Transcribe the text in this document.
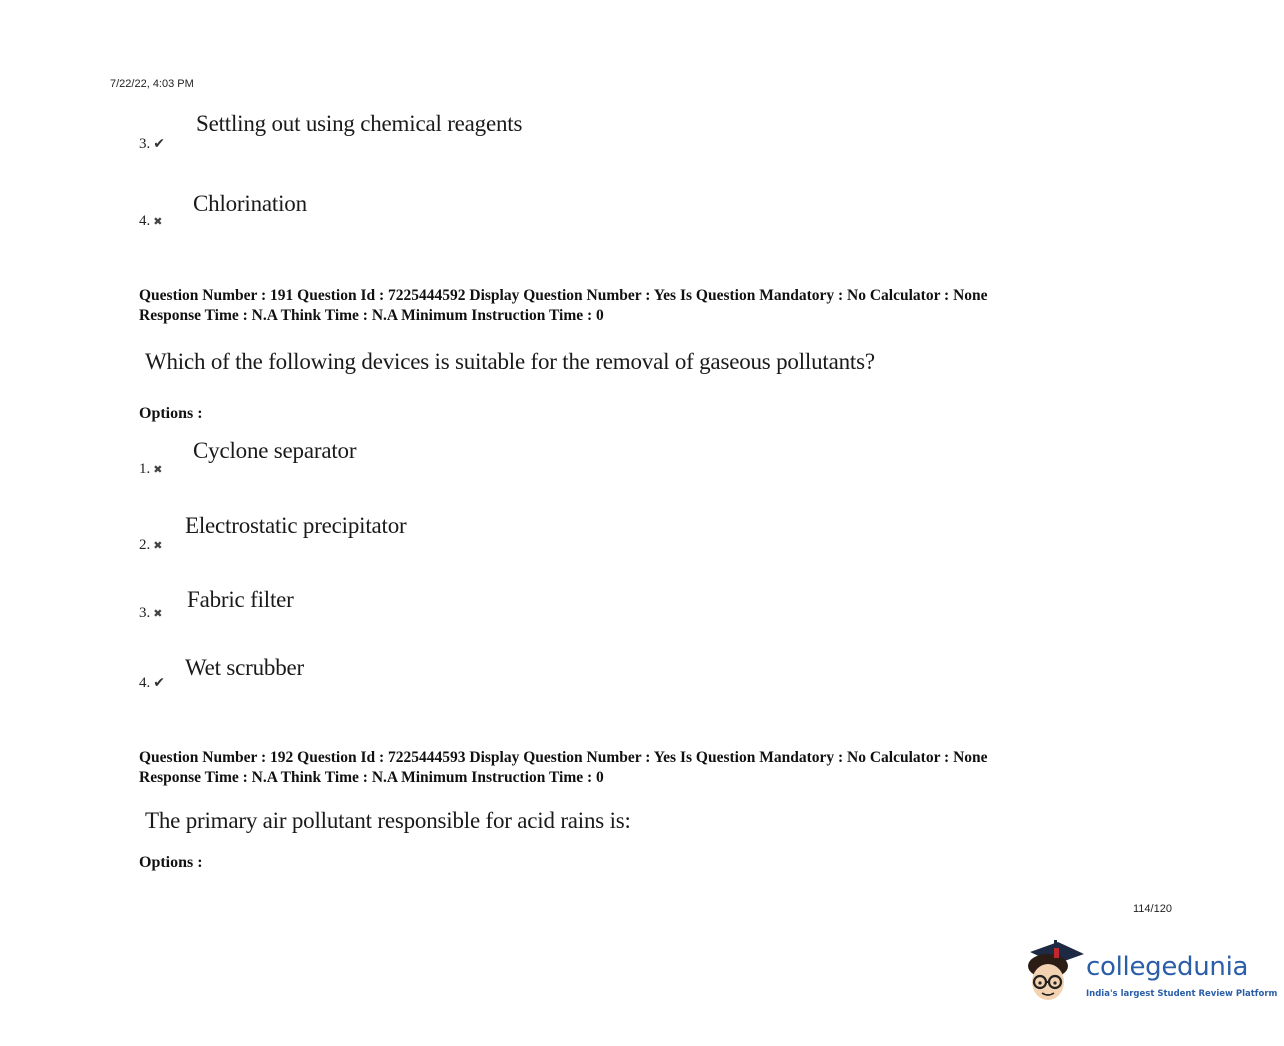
7/22/22, 4:03 PM
3. ✔
Settling out using chemical reagents
4. ✖
Chlorination
Question Number : 191 Question Id : 7225444592 Display Question Number : Yes Is Question Mandatory : No Calculator : None
Response Time : N.A Think Time : N.A Minimum Instruction Time : 0
Which of the following devices is suitable for the removal of gaseous pollutants?
Options :
1. ✖
Cyclone separator
2. ✖
Electrostatic precipitator
3. ✖
Fabric filter
4. ✔
Wet scrubber
Question Number : 192 Question Id : 7225444593 Display Question Number : Yes Is Question Mandatory : No Calculator : None
Response Time : N.A Think Time : N.A Minimum Instruction Time : 0
The primary air pollutant responsible for acid rains is:
Options :
114/120
collegedunia
India's largest Student Review Platform
